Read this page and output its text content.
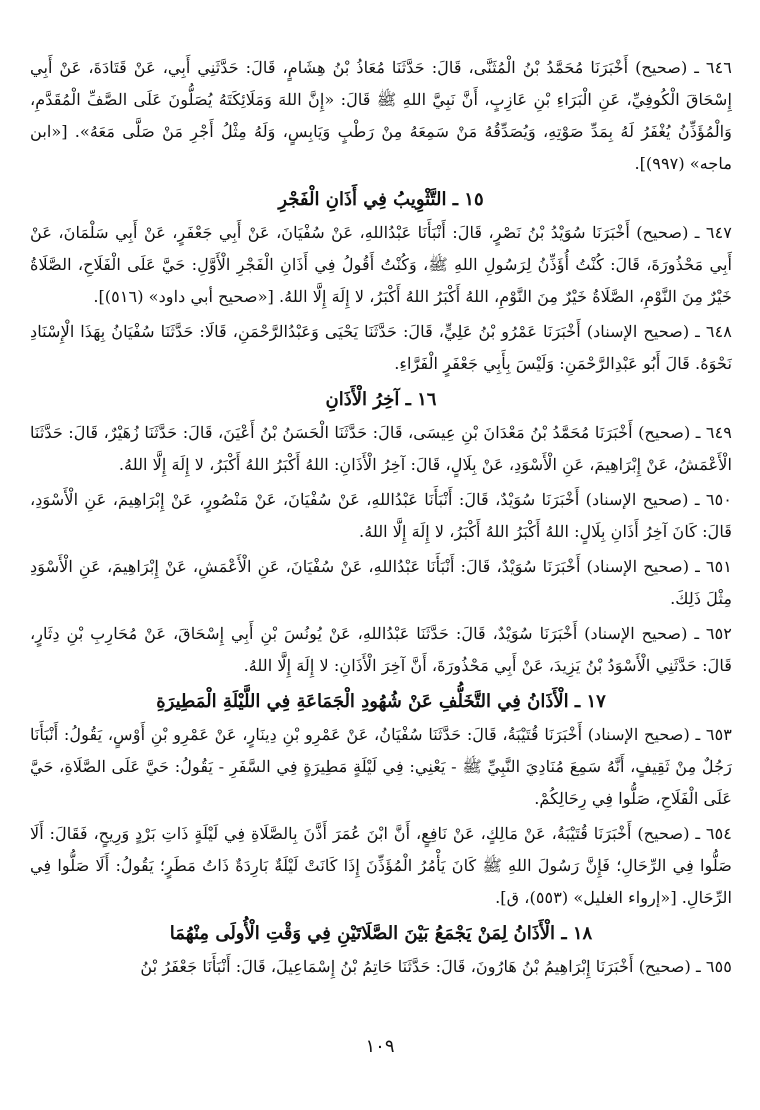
٦٤٦ ـ (صحيح) أَخْبَرَنَا مُحَمَّدُ بْنُ الْمُثَنَّى، قَالَ: حَدَّثَنَا مُعَاذُ بْنُ هِشَامٍ، قَالَ: حَدَّثَنِي أَبِي، عَنْ قَتَادَةَ، عَنْ أَبِي إِسْحَاقَ الْكُوفِيِّ، عَنِ الْبَرَاءِ بْنِ عَازِبٍ، أَنَّ نَبِيَّ اللهِ ﷺ قَالَ: «إِنَّ اللهَ وَمَلَائِكَتَهُ يُصَلُّونَ عَلَى الصَّفِّ الْمُقَدَّمِ، وَالْمُؤَذِّنُ يُغْفَرُ لَهُ بِمَدِّ صَوْتِهِ، وَيُصَدِّقُهُ مَنْ سَمِعَهُ مِنْ رَطْبٍ وَيَابِسٍ، وَلَهُ مِثْلُ أَجْرِ مَنْ صَلَّى مَعَهُ». [«ابن ماجه» (٩٩٧)].

١٥ ـ التَّثْوِيبُ فِي أَذَانِ الْفَجْرِ

٦٤٧ ـ (صحيح) أَخْبَرَنَا سُوَيْدُ بْنُ نَصْرٍ، قَالَ: أَنْبَأَنَا عَبْدُاللهِ، عَنْ سُفْيَانَ، عَنْ أَبِي جَعْفَرٍ، عَنْ أَبِي سَلْمَانَ، عَنْ أَبِي مَحْذُورَةَ، قَالَ: كُنْتُ أُؤَذِّنُ لِرَسُولِ اللهِ ﷺ، وَكُنْتُ أَقُولُ فِي أَذَانِ الْفَجْرِ الْأَوَّلِ: حَيَّ عَلَى الْفَلَاحِ، الصَّلَاةُ خَيْرٌ مِنَ النَّوْمِ، الصَّلَاةُ خَيْرٌ مِنَ النَّوْمِ، اللهُ أَكْبَرُ اللهُ أَكْبَرُ، لا إِلَهَ إِلَّا اللهُ. [«صحيح أبي داود» (٥١٦)].

٦٤٨ ـ (صحيح الإسناد) أَخْبَرَنَا عَمْرُو بْنُ عَلِيٍّ، قَالَ: حَدَّثَنَا يَحْيَى وَعَبْدُالرَّحْمَنِ، قَالَا: حَدَّثَنَا سُفْيَانُ بِهَذَا الْإِسْنَادِ نَحْوَهُ. قَالَ أَبُو عَبْدِالرَّحْمَنِ: وَلَيْسَ بِأَبِي جَعْفَرٍ الْفَرَّاءِ.

١٦ ـ آخِرُ الْأَذَانِ

٦٤٩ ـ (صحيح) أَخْبَرَنَا مُحَمَّدُ بْنُ مَعْدَانَ بْنِ عِيسَى، قَالَ: حَدَّثَنَا الْحَسَنُ بْنُ أَعْيَنَ، قَالَ: حَدَّثَنَا زُهَيْرٌ، قَالَ: حَدَّثَنَا الْأَعْمَشُ، عَنْ إِبْرَاهِيمَ، عَنِ الْأَسْوَدِ، عَنْ بِلَالٍ، قَالَ: آخِرُ الْأَذَانِ: اللهُ أَكْبَرُ اللهُ أَكْبَرُ، لا إِلَهَ إِلَّا اللهُ.

٦٥٠ ـ (صحيح الإسناد) أَخْبَرَنَا سُوَيْدٌ، قَالَ: أَنْبَأَنَا عَبْدُاللهِ، عَنْ سُفْيَانَ، عَنْ مَنْصُورٍ، عَنْ إِبْرَاهِيمَ، عَنِ الْأَسْوَدِ، قَالَ: كَانَ آخِرُ أَذَانِ بِلَالٍ: اللهُ أَكْبَرُ اللهُ أَكْبَرُ، لا إِلَهَ إِلَّا اللهُ.

٦٥١ ـ (صحيح الإسناد) أَخْبَرَنَا سُوَيْدٌ، قَالَ: أَنْبَأَنَا عَبْدُاللهِ، عَنْ سُفْيَانَ، عَنِ الْأَعْمَشِ، عَنْ إِبْرَاهِيمَ، عَنِ الْأَسْوَدِ مِثْلَ ذَلِكَ.

٦٥٢ ـ (صحيح الإسناد) أَخْبَرَنَا سُوَيْدٌ، قَالَ: حَدَّثَنَا عَبْدُاللهِ، عَنْ يُونُسَ بْنِ أَبِي إِسْحَاقَ، عَنْ مُحَارِبِ بْنِ دِثَارٍ، قَالَ: حَدَّثَنِي الْأَسْوَدُ بْنُ يَزِيدَ، عَنْ أَبِي مَحْذُورَةَ، أَنَّ آخِرَ الْأَذَانِ: لا إِلَهَ إِلَّا اللهُ.

١٧ ـ الْأَذَانُ فِي التَّخَلُّفِ عَنْ شُهُودِ الْجَمَاعَةِ فِي اللَّيْلَةِ الْمَطِيرَةِ

٦٥٣ ـ (صحيح الإسناد) أَخْبَرَنَا قُتَيْبَةُ، قَالَ: حَدَّثَنَا سُفْيَانُ، عَنْ عَمْرِو بْنِ دِينَارٍ، عَنْ عَمْرِو بْنِ أَوْسٍ، يَقُولُ: أَنْبَأَنَا رَجُلٌ مِنْ ثَقِيفٍ، أَنَّهُ سَمِعَ مُنَادِيَ النَّبِيِّ ﷺ - يَعْنِي: فِي لَيْلَةٍ مَطِيرَةٍ فِي السَّفَرِ - يَقُولُ: حَيَّ عَلَى الصَّلَاةِ، حَيَّ عَلَى الْفَلَاحِ، صَلُّوا فِي رِحَالِكُمْ.

٦٥٤ ـ (صحيح) أَخْبَرَنَا قُتَيْبَةُ، عَنْ مَالِكٍ، عَنْ نَافِعٍ، أَنَّ ابْنَ عُمَرَ أَذَّنَ بِالصَّلَاةِ فِي لَيْلَةٍ ذَاتِ بَرْدٍ وَرِيحٍ، فَقَالَ: أَلَا صَلُّوا فِي الرِّحَالِ؛ فَإِنَّ رَسُولَ اللهِ ﷺ كَانَ يَأْمُرُ الْمُؤَذِّنَ إِذَا كَانَتْ لَيْلَةٌ بَارِدَةٌ ذَاتُ مَطَرٍ؛ يَقُولُ: أَلَا صَلُّوا فِي الرِّحَالِ. [«إرواء الغليل» (٥٥٣)، ق].

١٨ ـ الْأَذَانُ لِمَنْ يَجْمَعُ بَيْنَ الصَّلَاتَيْنِ فِي وَقْتِ الْأُولَى مِنْهُمَا

٦٥٥ ـ (صحيح) أَخْبَرَنَا إِبْرَاهِيمُ بْنُ هَارُونَ، قَالَ: حَدَّثَنَا حَاتِمُ بْنُ إِسْمَاعِيلَ، قَالَ: أَنْبَأَنَا جَعْفَرُ بْنُ

١٠٩
